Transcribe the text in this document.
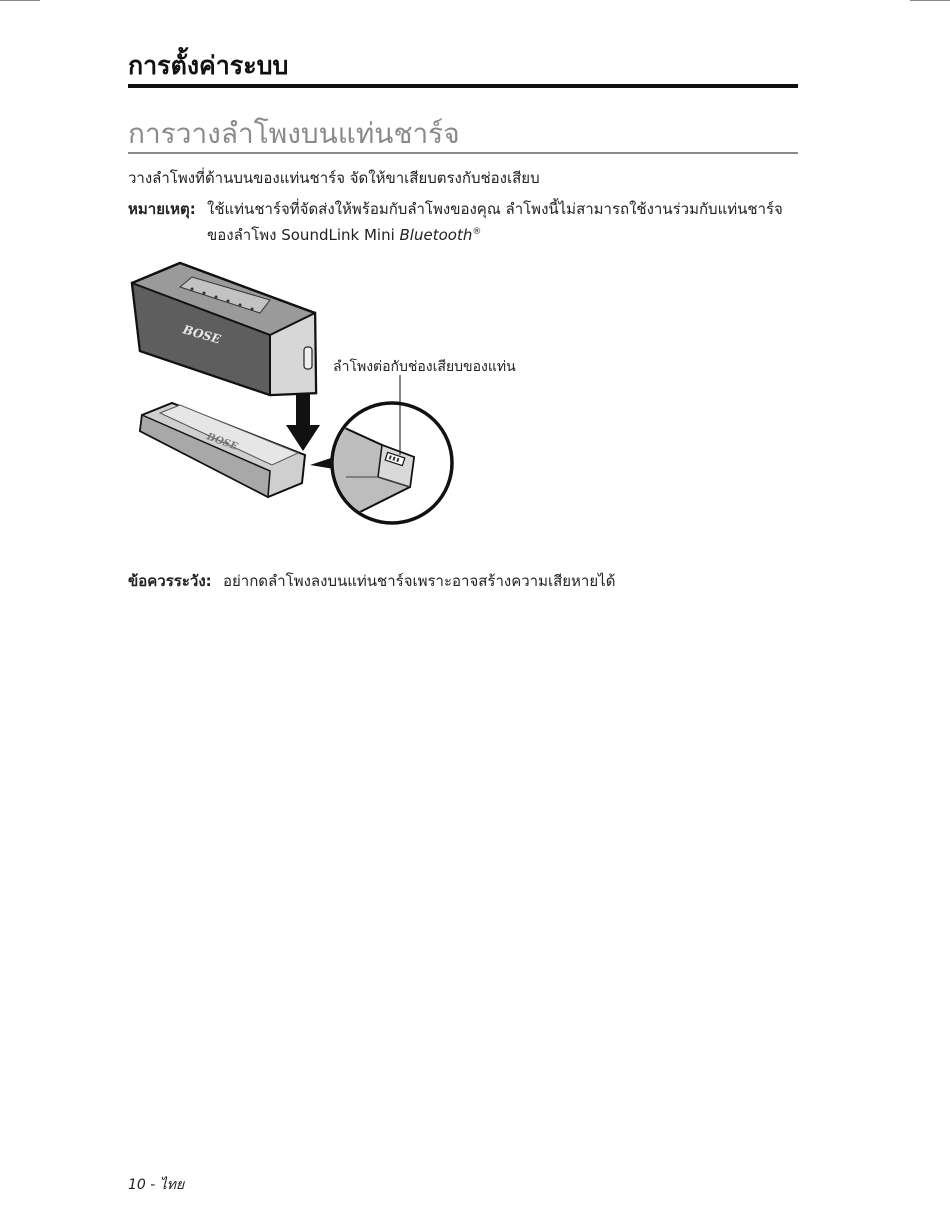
การตั้งค่าระบบ
การวางลำโพงบนแท่นชาร์จ
วางลำโพงที่ด้านบนของแท่นชาร์จ จัดให้ขาเสียบตรงกับช่องเสียบ
หมายเหตุ: ใช้แท่นชาร์จที่จัดส่งให้พร้อมกับลำโพงของคุณ ลำโพงนี้ไม่สามารถใช้งานร่วมกับแท่นชาร์จ
ของลำโพง SoundLink Mini Bluetooth®
BOSE
BOSE
ลำโพงต่อกับช่องเสียบของแท่น
ข้อควรระวัง: อย่ากดลำโพงลงบนแท่นชาร์จเพราะอาจสร้างความเสียหายได้
10 - ไทย
